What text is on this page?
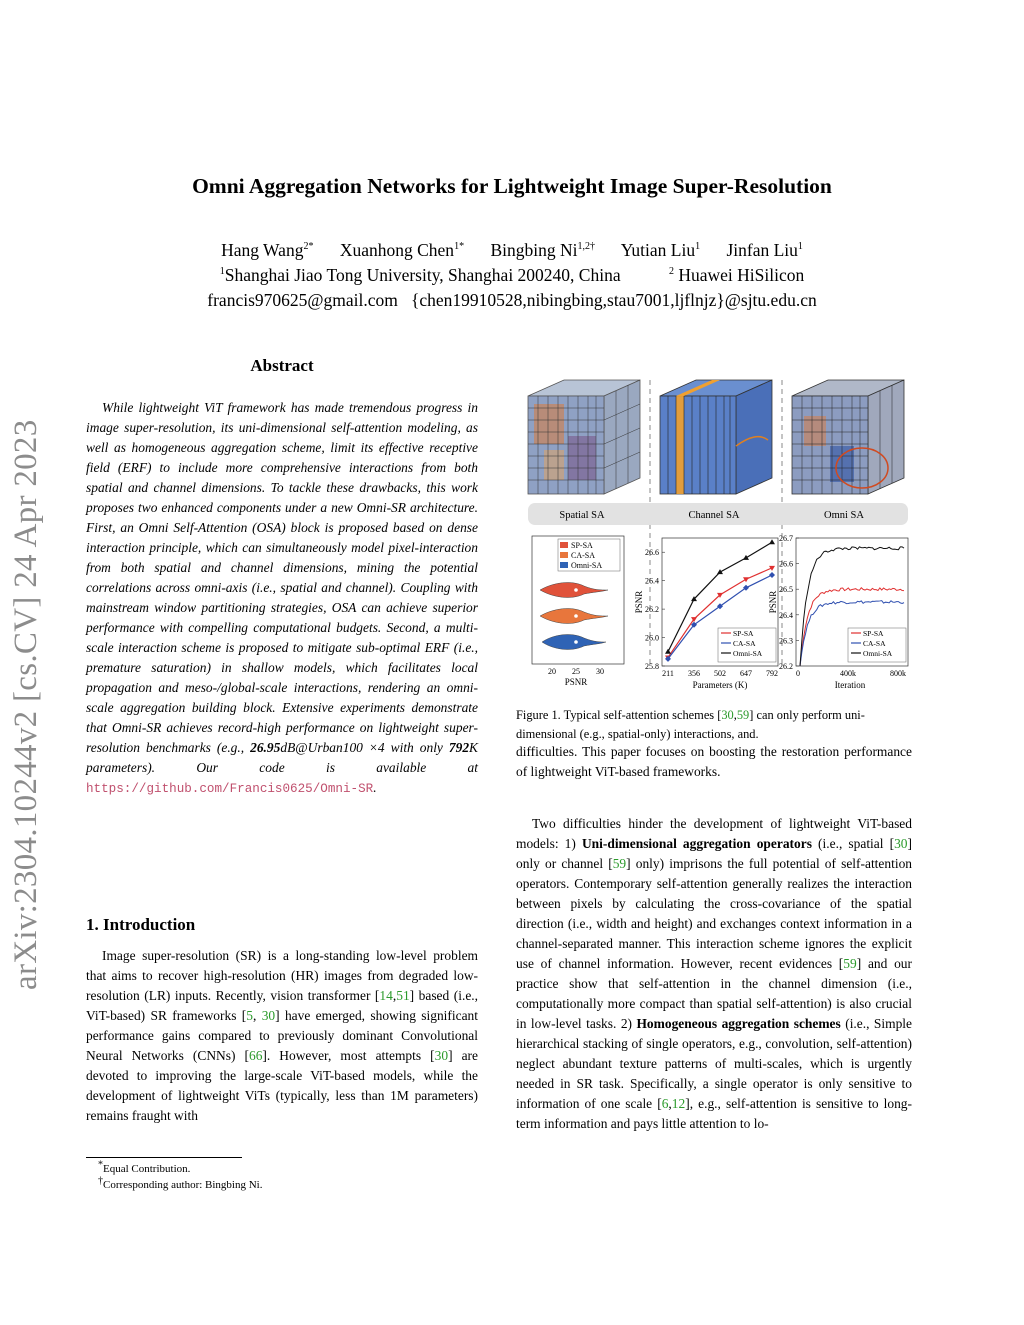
arXiv:2304.10244v2 [cs.CV] 24 Apr 2023
Omni Aggregation Networks for Lightweight Image Super-Resolution
Hang Wang$^{2*}$ Xuanhong Chen$^{1*}$ Bingbing $Ni^{1,2\dagger}$ Yutian Liu$^1$ Jinfan Liu$^1$
$^1$Shanghai Jiao Tong University, Shanghai 200240, China	$^2$ Huawei HiSilicon
francis970625@gmail.com   {chen19910528,nibingbing,stau7001,ljflnjz}@sjtu.edu.cn
Abstract
While lightweight ViT framework has made tremendous progress in image super-resolution, its uni-dimensional self-attention modeling, as well as homogeneous aggregation scheme, limit its effective receptive field (ERF) to include more comprehensive interactions from both spatial and channel dimensions. To tackle these drawbacks, this work proposes two enhanced components under a new Omni-SR architecture. First, an Omni Self-Attention (OSA) block is proposed based on dense interaction principle, which can simultaneously model pixel-interaction from both spatial and channel dimensions, mining the potential correlations across omni-axis (i.e., spatial and channel). Coupling with mainstream window partitioning strategies, OSA can achieve superior performance with compelling computational budgets. Second, a multi-scale interaction scheme is proposed to mitigate sub-optimal ERF (i.e., premature saturation) in shallow models, which facilitates local propagation and meso-/global-scale interactions, rendering an omni-scale aggregation building block. Extensive experiments demonstrate that Omni-SR achieves record-high performance on lightweight super-resolution benchmarks (e.g., 26.95dB@Urban100 ×4 with only 792K parameters). Our code is available at https://github.com/Francis0625/Omni-SR.
1. Introduction
Image super-resolution (SR) is a long-standing low-level problem that aims to recover high-resolution (HR) images from degraded low-resolution (LR) inputs. Recently, vision transformer [14,51] based (i.e., ViT-based) SR frameworks [5, 30] have emerged, showing significant performance gains compared to previously dominant Convolutional Neural Networks (CNNs) [66]. However, most attempts [30] are devoted to improving the large-scale ViT-based models, while the development of lightweight ViTs (typically, less than 1M parameters) remains fraught with
*Equal Contribution.
†Corresponding author: Bingbing Ni.
Spatial SA	Channel SA	Omni SA
SP-SA
CA-SA
Omni-SA
20 25 30
PSNR
PSNR
25.8
26.0
26.2
26.4
26.6
211 356 502 647 792
SP-SA
CA-SA
Omni-SA
Parameters (K)
PSNR
26.2
26.3
26.4
26.5
26.6
26.7
0	400k	800k
SP-SA
CA-SA
Omni-SA
Iteration
Figure 1. Typical self-attention schemes [30,59] can only perform uni-dimensional (e.g., spatial-only) interactions, and.
difficulties. This paper focuses on boosting the restoration performance of lightweight ViT-based frameworks.
Two difficulties hinder the development of lightweight ViT-based models: 1) Uni-dimensional aggregation operators (i.e., spatial [30] only or channel [59] only) imprisons the full potential of self-attention operators. Contemporary self-attention generally realizes the interaction between pixels by calculating the cross-covariance of the spatial direction (i.e., width and height) and exchanges context information in a channel-separated manner. This interaction scheme ignores the explicit use of channel information. However, recent evidences [59] and our practice show that self-attention in the channel dimension (i.e., computationally more compact than spatial self-attention) is also crucial in low-level tasks. 2) Homogeneous aggregation schemes (i.e., Simple hierarchical stacking of single operators, e.g., convolution, self-attention) neglect abundant texture patterns of multi-scales, which is urgently needed in SR task. Specifically, a single operator is only sensitive to information of one scale [6,12], e.g., self-attention is sensitive to long-term information and pays little attention to lo-
